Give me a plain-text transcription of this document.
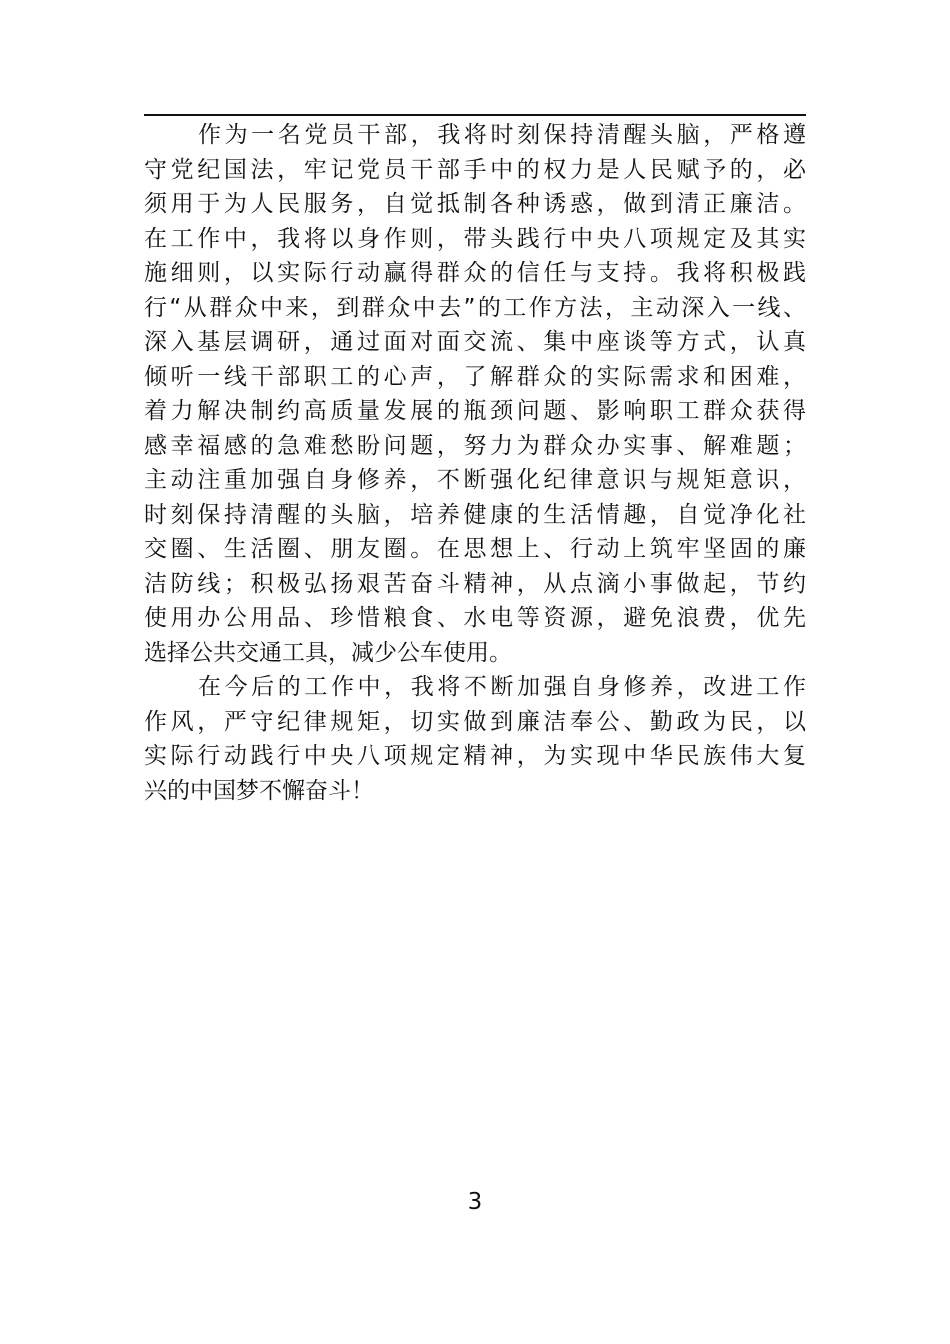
作为一名党员干部，我将时刻保持清醒头脑，严格遵
守党纪国法，牢记党员干部手中的权力是人民赋予的，必
须用于为人民服务，自觉抵制各种诱惑，做到清正廉洁。
在工作中，我将以身作则，带头践行中央八项规定及其实
施细则，以实际行动赢得群众的信任与支持。我将积极践
行“从群众中来，到群众中去”的工作方法，主动深入一线、
深入基层调研，通过面对面交流、集中座谈等方式，认真
倾听一线干部职工的心声，了解群众的实际需求和困难，
着力解决制约高质量发展的瓶颈问题、影响职工群众获得
感幸福感的急难愁盼问题，努力为群众办实事、解难题；
主动注重加强自身修养，不断强化纪律意识与规矩意识，
时刻保持清醒的头脑，培养健康的生活情趣，自觉净化社
交圈、生活圈、朋友圈。在思想上、行动上筑牢坚固的廉
洁防线；积极弘扬艰苦奋斗精神，从点滴小事做起，节约
使用办公用品、珍惜粮食、水电等资源，避免浪费，优先
选择公共交通工具，减少公车使用。
在今后的工作中，我将不断加强自身修养，改进工作
作风，严守纪律规矩，切实做到廉洁奉公、勤政为民，以
实际行动践行中央八项规定精神，为实现中华民族伟大复
兴的中国梦不懈奋斗！
3
